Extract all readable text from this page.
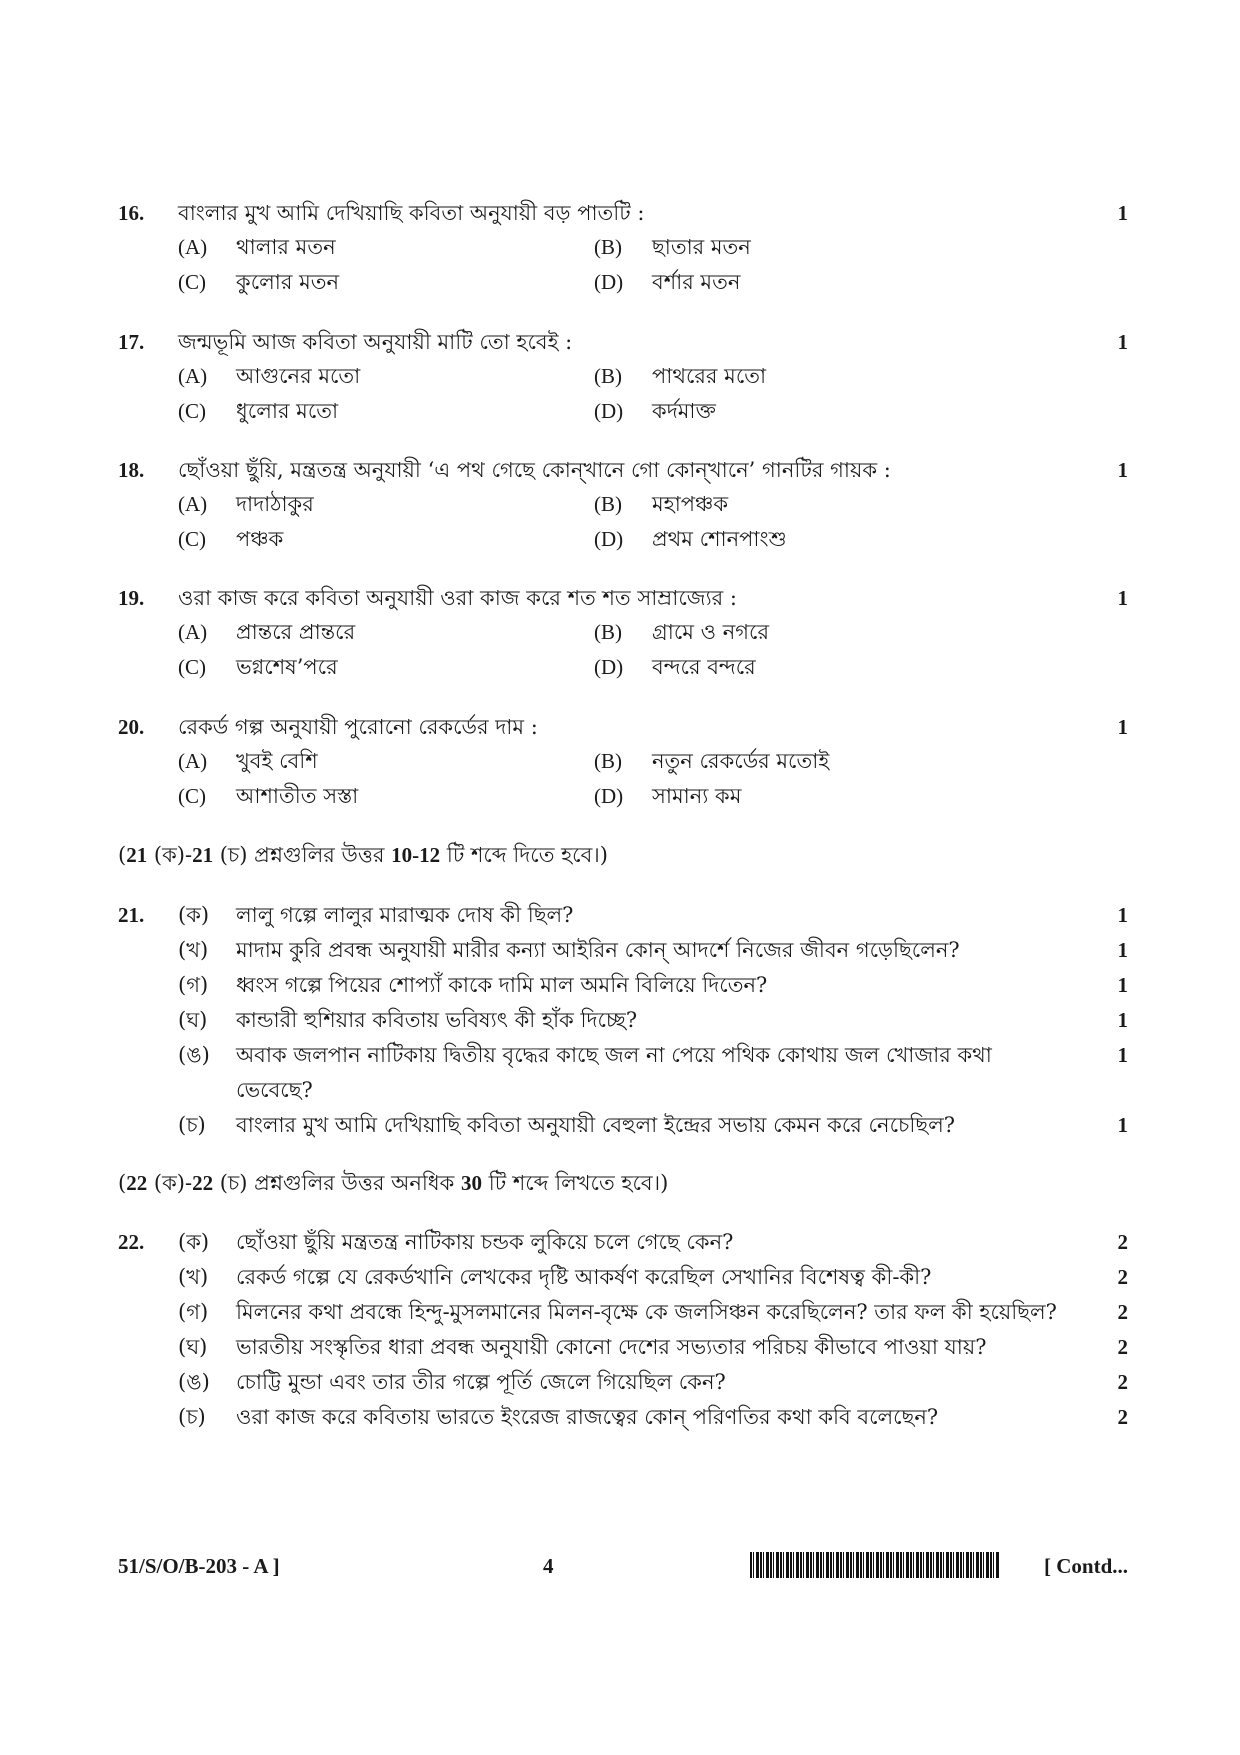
16. বাংলার মুখ আমি দেখিয়াছি কবিতা অনুযায়ী বড় পাতটি :	1
(A) থালার মতন	(B) ছাতার মতন
(C) কুলোর মতন	(D) বর্শার মতন
17. জন্মভূমি আজ কবিতা অনুযায়ী মাটি তো হবেই :	1
(A) আগুনের মতো	(B) পাথরের মতো
(C) ধুলোর মতো	(D) কর্দমাক্ত
18. ছোঁওয়া ছুঁয়ি, মন্ত্রতন্ত্র অনুযায়ী ‘এ পথ গেছে কোন্‌খানে গো কোন্‌খানে’ গানটির গায়ক :	1
(A) দাদাঠাকুর	(B) মহাপঞ্চক
(C) পঞ্চক	(D) প্রথম শোনপাংশু
19. ওরা কাজ করে কবিতা অনুযায়ী ওরা কাজ করে শত শত সাম্রাজ্যের :	1
(A) প্রান্তরে প্রান্তরে	(B) গ্রামে ও নগরে
(C) ভগ্নশেষ’পরে	(D) বন্দরে বন্দরে
20. রেকর্ড গল্প অনুযায়ী পুরোনো রেকর্ডের দাম :	1
(A) খুবই বেশি	(B) নতুন রেকর্ডের মতোই
(C) আশাতীত সস্তা	(D) সামান্য কম
(21 (ক)-21 (চ) প্রশ্নগুলির উত্তর 10-12 টি শব্দে দিতে হবে।)
21. (ক) লালু গল্পে লালুর মারাত্মক দোষ কী ছিল?	1
(খ) মাদাম কুরি প্রবন্ধ অনুযায়ী মারীর কন্যা আইরিন কোন্ আদর্শে নিজের জীবন গড়েছিলেন?	1
(গ) ধ্বংস গল্পে পিয়ের শোপ্যাঁ কাকে দামি মাল অমনি বিলিয়ে দিতেন?	1
(ঘ) কান্ডারী হুশিয়ার কবিতায় ভবিষ্যৎ কী হাঁক দিচ্ছে?	1
(ঙ) অবাক জলপান নাটিকায় দ্বিতীয় বৃদ্ধের কাছে জল না পেয়ে পথিক কোথায় জল খোজার কথা ভেবেছে?
1
(চ) বাংলার মুখ আমি দেখিয়াছি কবিতা অনুযায়ী বেহুলা ইন্দ্রের সভায় কেমন করে নেচেছিল?	1
(22 (ক)-22 (চ) প্রশ্নগুলির উত্তর অনধিক 30 টি শব্দে লিখতে হবে।)
22. (ক) ছোঁওয়া ছুঁয়ি মন্ত্রতন্ত্র নাটিকায় চন্ডক লুকিয়ে চলে গেছে কেন?	2
(খ) রেকর্ড গল্পে যে রেকর্ডখানি লেখকের দৃষ্টি আকর্ষণ করেছিল সেখানির বিশেষত্ব কী-কী?	2
(গ) মিলনের কথা প্রবন্ধে হিন্দু-মুসলমানের মিলন-বৃক্ষে কে জলসিঞ্চন করেছিলেন? তার ফল কী হয়েছিল?	2
(ঘ) ভারতীয় সংস্কৃতির ধারা প্রবন্ধ অনুযায়ী কোনো দেশের সভ্যতার পরিচয় কীভাবে পাওয়া যায়?	2
(ঙ) চোট্টি মুন্ডা এবং তার তীর গল্পে পূর্তি জেলে গিয়েছিল কেন?	2
(চ) ওরা কাজ করে কবিতায় ভারতে ইংরেজ রাজত্বের কোন্ পরিণতির কথা কবি বলেছেন?	2
51/S/O/B-203 - A ]	4	[ Contd...
